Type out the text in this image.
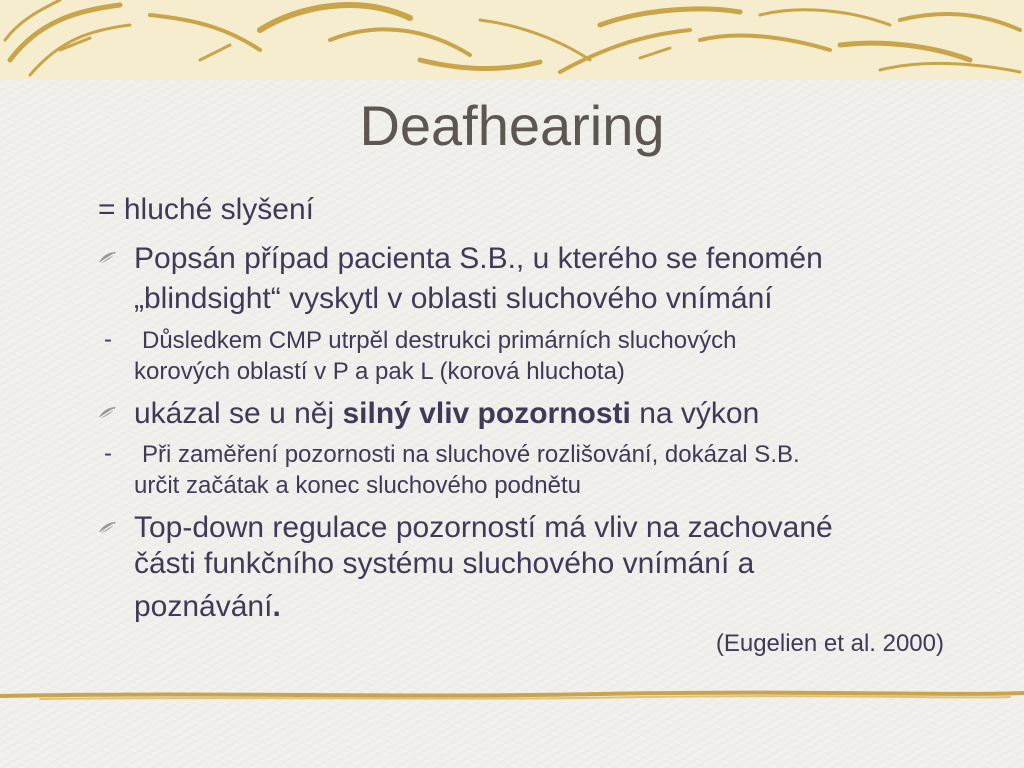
Deafhearing
= hluché slyšení
Popsán případ pacienta S.B., u kterého se fenomén
„blindsight“ vyskytl v oblasti sluchového vnímání
- Důsledkem CMP utrpěl destrukci primárních sluchových
korových oblastí v P a pak L (korová hluchota)
ukázal se u něj silný vliv pozornosti na výkon
- Při zaměření pozornosti na sluchové rozlišování, dokázal S.B.
určit začátak a konec sluchového podnětu
Top-down regulace pozorností má vliv na zachované
části funkčního systému sluchového vnímání a
poznávání.
(Eugelien et al. 2000)
